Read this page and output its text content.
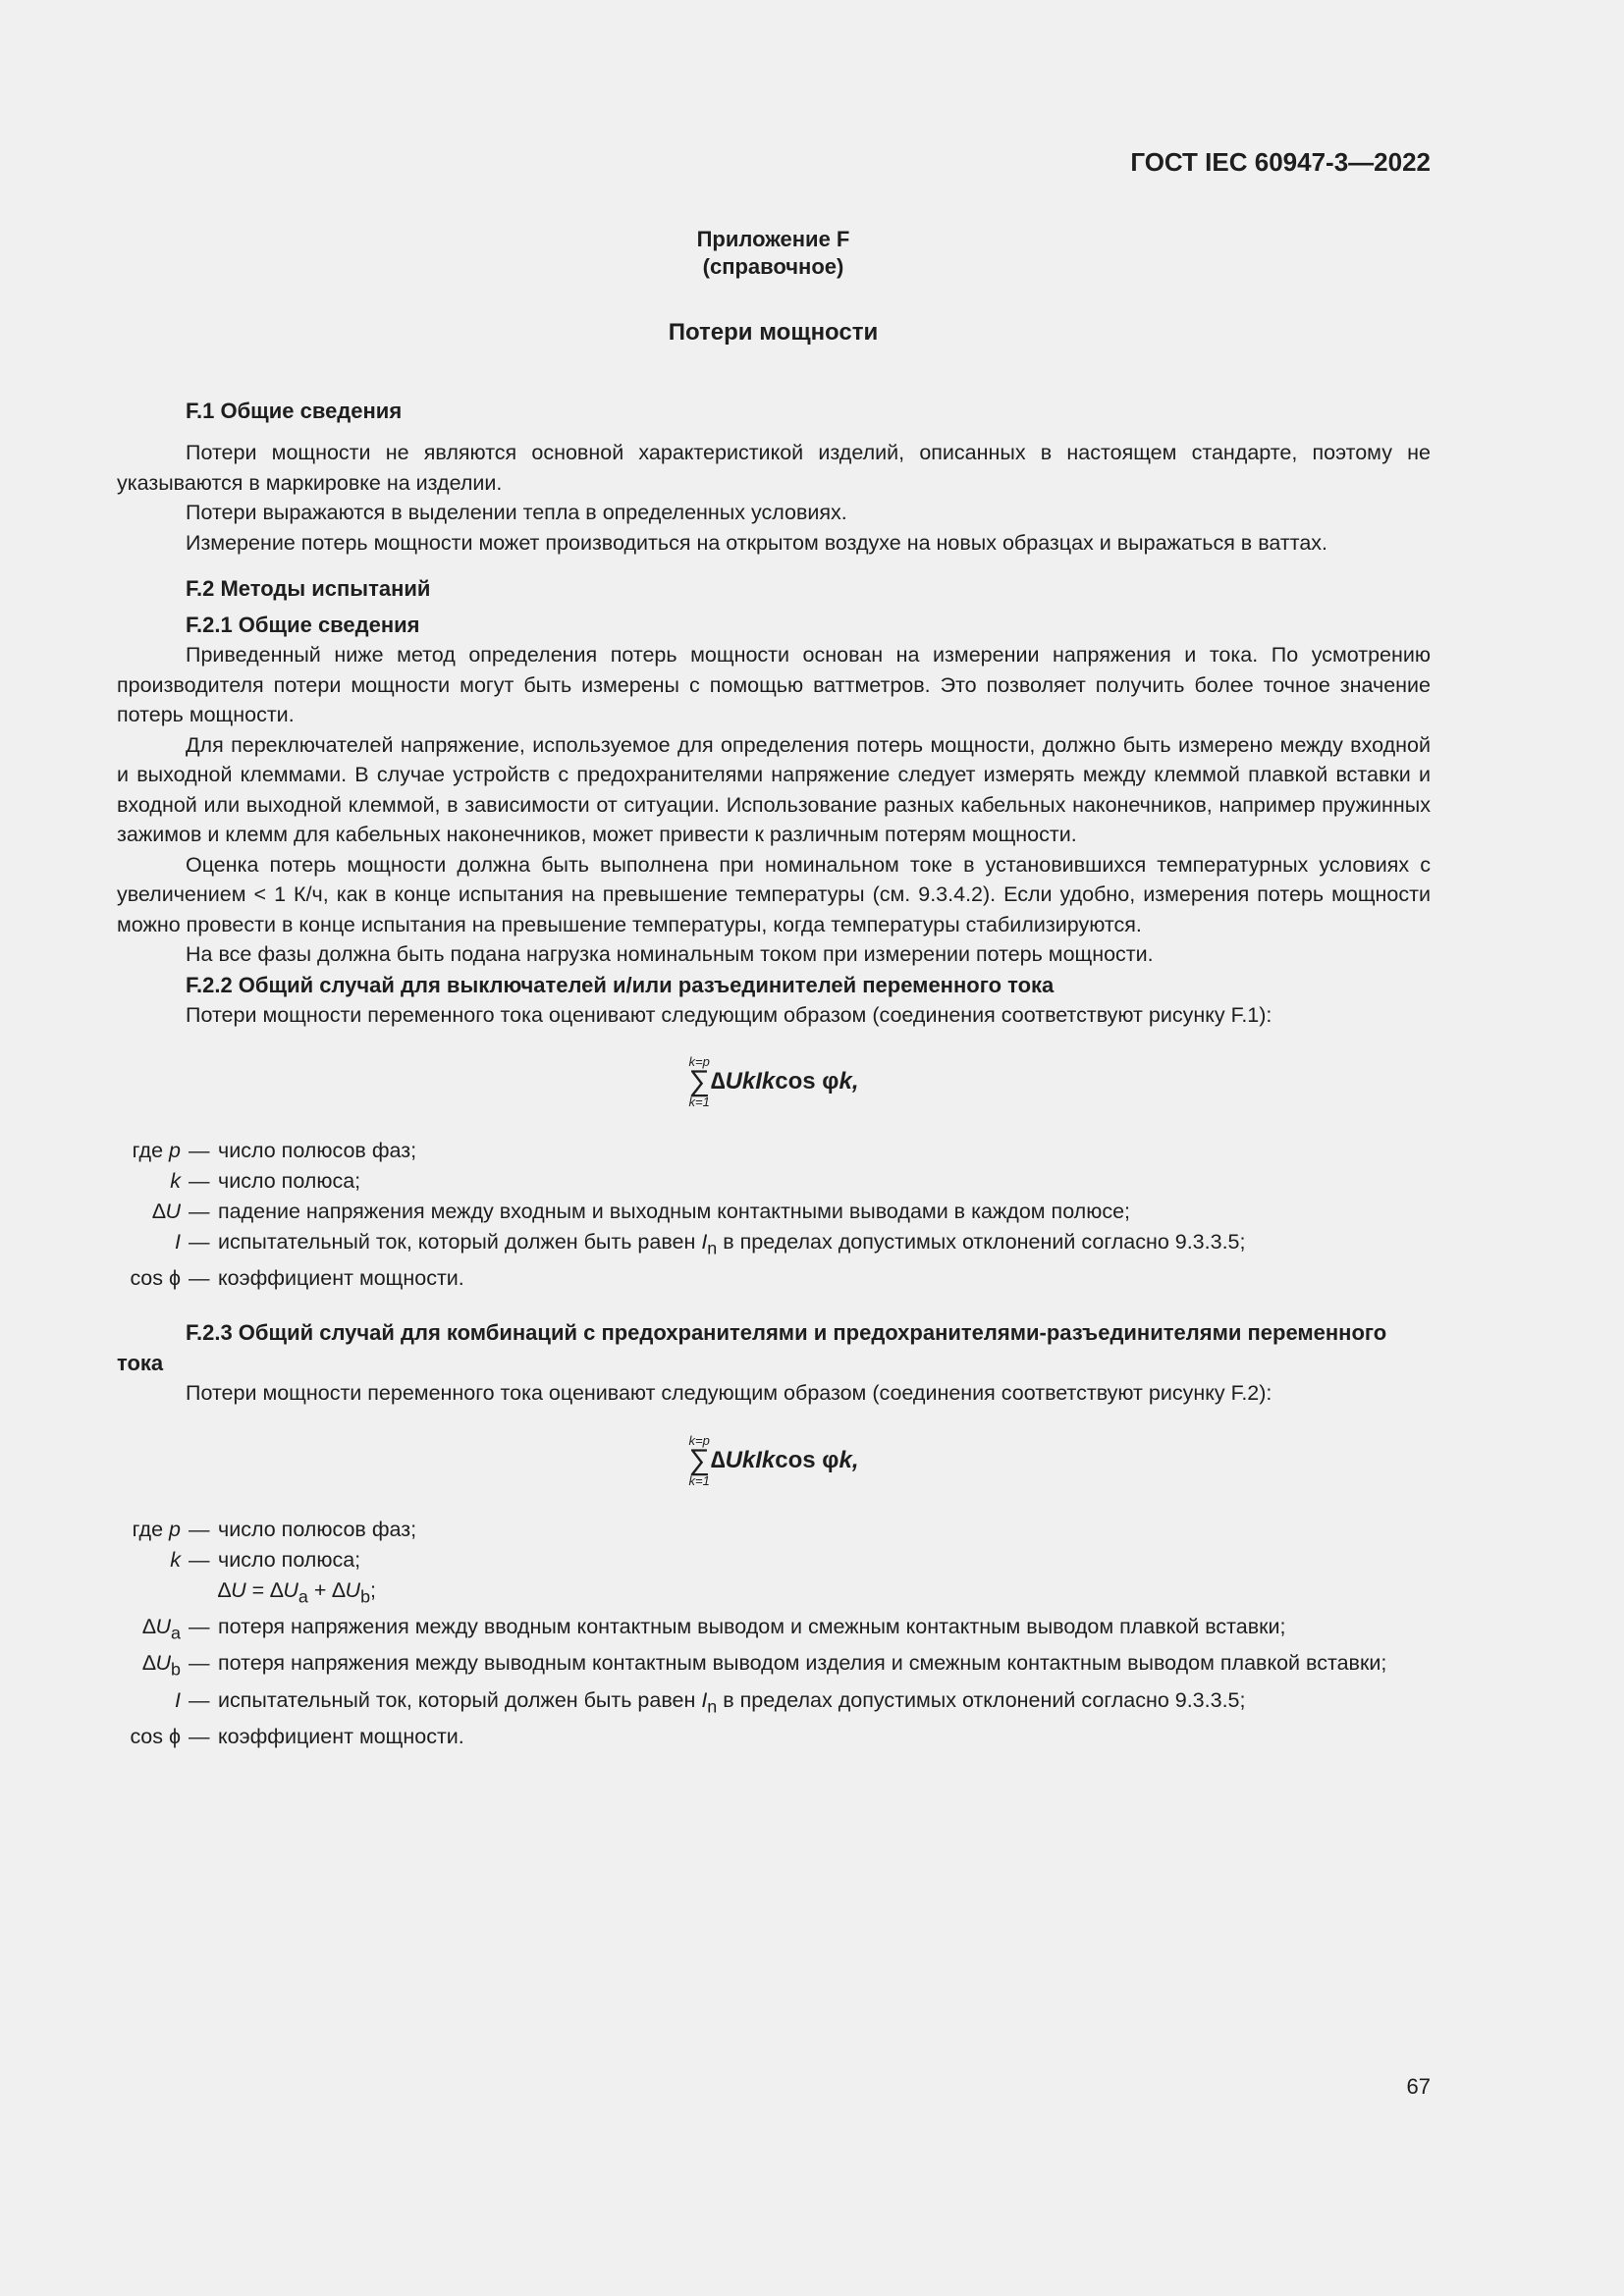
ГОСТ IEC 60947-3—2022

Приложение F
(справочное)
Потери мощности
F.1 Общие сведения

Потери мощности не являются основной характеристикой изделий, описанных в настоящем стандарте, поэтому не указываются в маркировке на изделии.

Потери выражаются в выделении тепла в определенных условиях.

Измерение потерь мощности может производиться на открытом воздухе на новых образцах и выражаться в ваттах.

F.2 Методы испытаний
F.2.1 Общие сведения

Приведенный ниже метод определения потерь мощности основан на измерении напряжения и тока. По усмотрению производителя потери мощности могут быть измерены с помощью ваттметров. Это позволяет получить более точное значение потерь мощности.

Для переключателей напряжение, используемое для определения потерь мощности, должно быть измерено между входной и выходной клеммами. В случае устройств с предохранителями напряжение следует измерять между клеммой плавкой вставки и входной или выходной клеммой, в зависимости от ситуации. Использование разных кабельных наконечников, например пружинных зажимов и клемм для кабельных наконечников, может привести к различным потерям мощности.

Оценка потерь мощности должна быть выполнена при номинальном токе в установившихся температурных условиях с увеличением < 1 К/ч, как в конце испытания на превышение температуры (см. 9.3.4.2). Если удобно, измерения потерь мощности можно провести в конце испытания на превышение температуры, когда температуры стабилизируются.

На все фазы должна быть подана нагрузка номинальным током при измерении потерь мощности.

F.2.2 Общий случай для выключателей и/или разъединителей переменного тока

Потери мощности переменного тока оценивают следующим образом (соединения соответствуют рисунку F.1):

k=p
∑
k=1
∆UkIkcos φk,
где p	—	число полюсов фаз;
k	—	число полюса;
∆U	—	падение напряжения между входным и выходным контактными выводами в каждом полюсе;
I	—	испытательный ток, который должен быть равен $I_n$ в пределах допустимых отклонений согласно 9.3.3.5;
cos ϕ	—	коэффициент мощности.
F.2.3 Общий случай для комбинаций с предохранителями и предохранителями-разъединителями переменного тока

Потери мощности переменного тока оценивают следующим образом (соединения соответствуют рисунку F.2):

k=p
∑
k=1
∆UkIkcos φk,
где p	—	число полюсов фаз;
k	—	число полюса;
		$\Delta U = \Delta U_a + \Delta U_b$;
$\Delta U_a$	—	потеря напряжения между вводным контактным выводом и смежным контактным выводом плавкой вставки;
$\Delta U_b$	—	потеря напряжения между выводным контактным выводом изделия и смежным контактным выводом плавкой вставки;
I	—	испытательный ток, который должен быть равен $I_n$ в пределах допустимых отклонений согласно 9.3.3.5;
cos ϕ	—	коэффициент мощности.

67
